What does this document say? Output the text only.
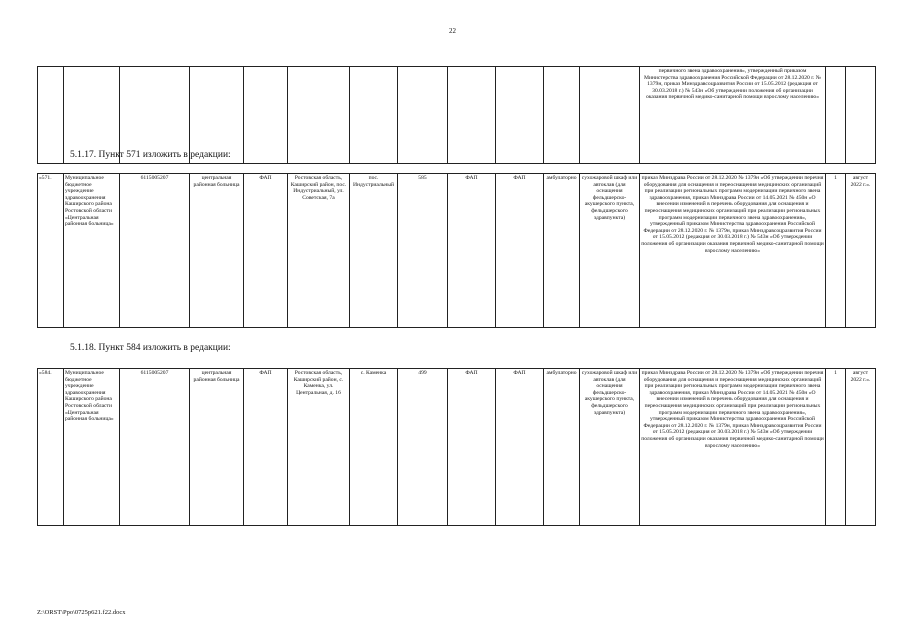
22
												первичного звена здравоохранения», утвержденный приказом Министерства здравоохранения Российской Федерации от 28.12.2020 г. № 1379н, приказ Минздравсоцразвития России от 15.05.2012 (редакция от 30.03.2018 г.) № 543н «Об утверждении положения об организации оказания первичной медико-санитарной помощи взрослому населению»		
5.1.17. Пункт 571 изложить в редакции:
«571.	Муниципальное бюджетное учреждение здравоохранения Каширского района Ростовской области «Центральная районная больница»	6115005207	центральная районная больница	ФАП	Ростовская область, Каширский район, пос. Индустриальный, ул. Советская, 7а	пос. Индустриальный	585	ФАП	ФАП	амбулаторно	сухожаровой шкаф или автоклав (для оснащения фельдшерско-акушерского пункта, фельдшерского здравпункта)	приказ Минздрава России от 28.12.2020 № 1379н «Об утверждении перечня оборудования для оснащения и переоснащения медицинских организаций при реализации региональных программ модернизации первичного звена здравоохранения, приказ Минздрава России от 14.05.2021 № 450н «О внесении изменений в перечень оборудования для оснащения и переоснащения медицинских организаций при реализации региональных программ модернизации первичного звена здравоохранения», утвержденный приказом Министерства здравоохранения Российской Федерации от 28.12.2020 г. № 1379н, приказ Минздравсоцразвития России от 15.05.2012 (редакция от 30.03.2018 г.) № 543н «Об утверждении положения об организации оказания первичной медико-санитарной помощи взрослому населению»	1	август 2022 г.».
5.1.18. Пункт 584 изложить в редакции:
«584.	Муниципальное бюджетное учреждение здравоохранения Каширского района Ростовской области «Центральная районная больница»	6115005207	центральная районная больница	ФАП	Ростовская область, Каширский район, с. Каменка, ул. Центральная, д. 16	с. Каменка	499	ФАП	ФАП	амбулаторно	сухожаровой шкаф или автоклав (для оснащения фельдшерско-акушерского пункта, фельдшерского здравпункта)	приказ Минздрава России от 28.12.2020 № 1379н «Об утверждении перечня оборудования для оснащения и переоснащения медицинских организаций при реализации региональных программ модернизации первичного звена здравоохранения, приказ Минздрава России от 14.05.2021 № 450н «О внесении изменений в перечень оборудования для оснащения и переоснащения медицинских организаций при реализации региональных программ модернизации первичного звена здравоохранения», утвержденный приказом Министерства здравоохранения Российской Федерации от 28.12.2020 г. № 1379н, приказ Минздравсоцразвития России от 15.05.2012 (редакция от 30.03.2018 г.) № 543н «Об утверждении положения об организации оказания первичной медико-санитарной помощи взрослому населению»	1	август 2022 г.».
Z:\ORST\Ppo\0725p621.f22.docx
